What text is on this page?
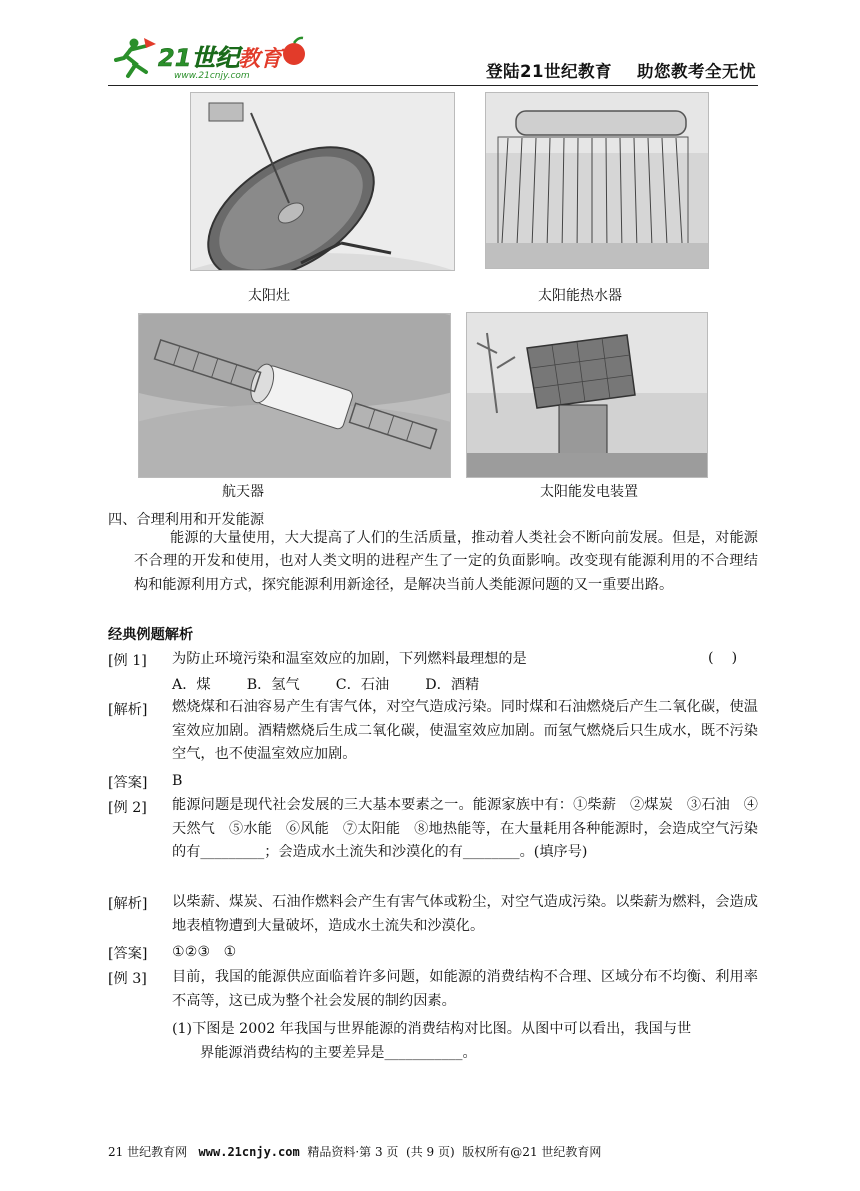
21世纪
教育
www.21cnjy.com	登陆21世纪教育    助您教考全无忧
太阳灶	太阳能热水器
航天器	太阳能发电装置
四、合理利用和开发能源
能源的大量使用，大大提高了人们的生活质量，推动着人类社会不断向前发展。但是，对能源不合理的开发和使用，也对人类文明的进程产生了一定的负面影响。改变现有能源利用的不合理结构和能源利用方式，探究能源利用新途径，是解决当前人类能源问题的又一重要出路。
经典例题解析
[例 1] 为防止环境污染和温室效应的加剧，下列燃料最理想的是	(    )
A．煤        B．氢气        C．石油        D．酒精
[解析] 燃烧煤和石油容易产生有害气体，对空气造成污染。同时煤和石油燃烧后产生二氧化碳，使温室效应加剧。酒精燃烧后生成二氧化碳，使温室效应加剧。而氢气燃烧后只生成水，既不污染空气，也不使温室效应加剧。
[答案] B
[例 2] 能源问题是现代社会发展的三大基本要素之一。能源家族中有：①柴薪   ②煤炭   ③石油   ④天然气   ⑤水能   ⑥风能   ⑦太阳能   ⑧地热能等，在大量耗用各种能源时，会造成空气污染的有_________；会造成水土流失和沙漠化的有________。(填序号)
[解析] 以柴薪、煤炭、石油作燃料会产生有害气体或粉尘，对空气造成污染。以柴薪为燃料，会造成地表植物遭到大量破坏，造成水土流失和沙漠化。
[答案] ①②③   ①
[例 3] 目前，我国的能源供应面临着许多问题，如能源的消费结构不合理、区域分布不均衡、利用率不高等，这已成为整个社会发展的制约因素。
(1)下图是 2002 年我国与世界能源的消费结构对比图。从图中可以看出，我国与世
界能源消费结构的主要差异是___________。
21 世纪教育网 www.21cnjy.com 精品资料·第 3 页  (共 9 页)  版权所有@21 世纪教育网
